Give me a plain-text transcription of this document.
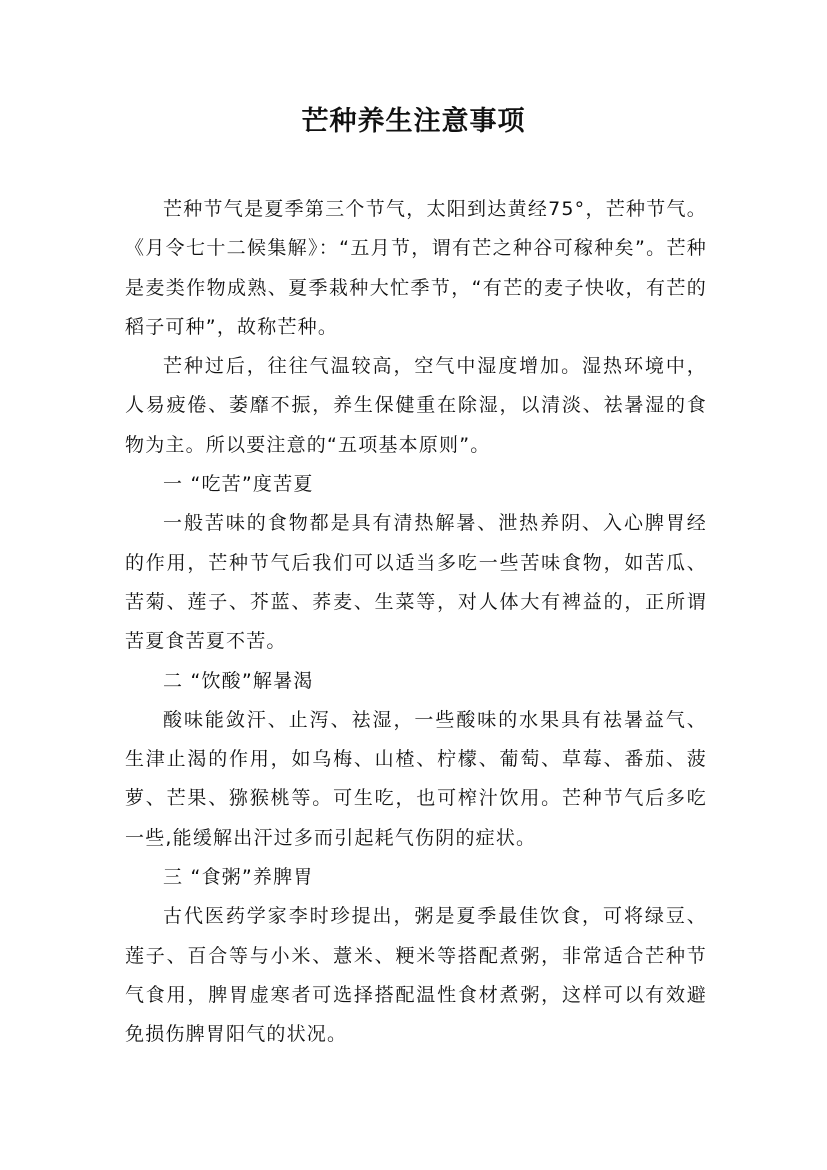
芒种养生注意事项

芒种节气是夏季第三个节气，太阳到达黄经75°，芒种节气。《月令七十二候集解》：“五月节，谓有芒之种谷可稼种矣”。芒种是麦类作物成熟、夏季栽种大忙季节，“有芒的麦子快收，有芒的稻子可种”，故称芒种。

芒种过后，往往气温较高，空气中湿度增加。湿热环境中，人易疲倦、萎靡不振，养生保健重在除湿，以清淡、祛暑湿的食物为主。所以要注意的“五项基本原则”。

一 “吃苦”度苦夏

一般苦味的食物都是具有清热解暑、泄热养阴、入心脾胃经的作用，芒种节气后我们可以适当多吃一些苦味食物，如苦瓜、苦菊、莲子、芥蓝、荞麦、生菜等，对人体大有裨益的，正所谓苦夏食苦夏不苦。

二 “饮酸”解暑渴

酸味能敛汗、止泻、祛湿，一些酸味的水果具有祛暑益气、生津止渴的作用，如乌梅、山楂、柠檬、葡萄、草莓、番茄、菠萝、芒果、猕猴桃等。可生吃，也可榨汁饮用。芒种节气后多吃一些,能缓解出汗过多而引起耗气伤阴的症状。

三 “食粥”养脾胃

古代医药学家李时珍提出，粥是夏季最佳饮食，可将绿豆、莲子、百合等与小米、薏米、粳米等搭配煮粥，非常适合芒种节气食用，脾胃虚寒者可选择搭配温性食材煮粥，这样可以有效避免损伤脾胃阳气的状况。
